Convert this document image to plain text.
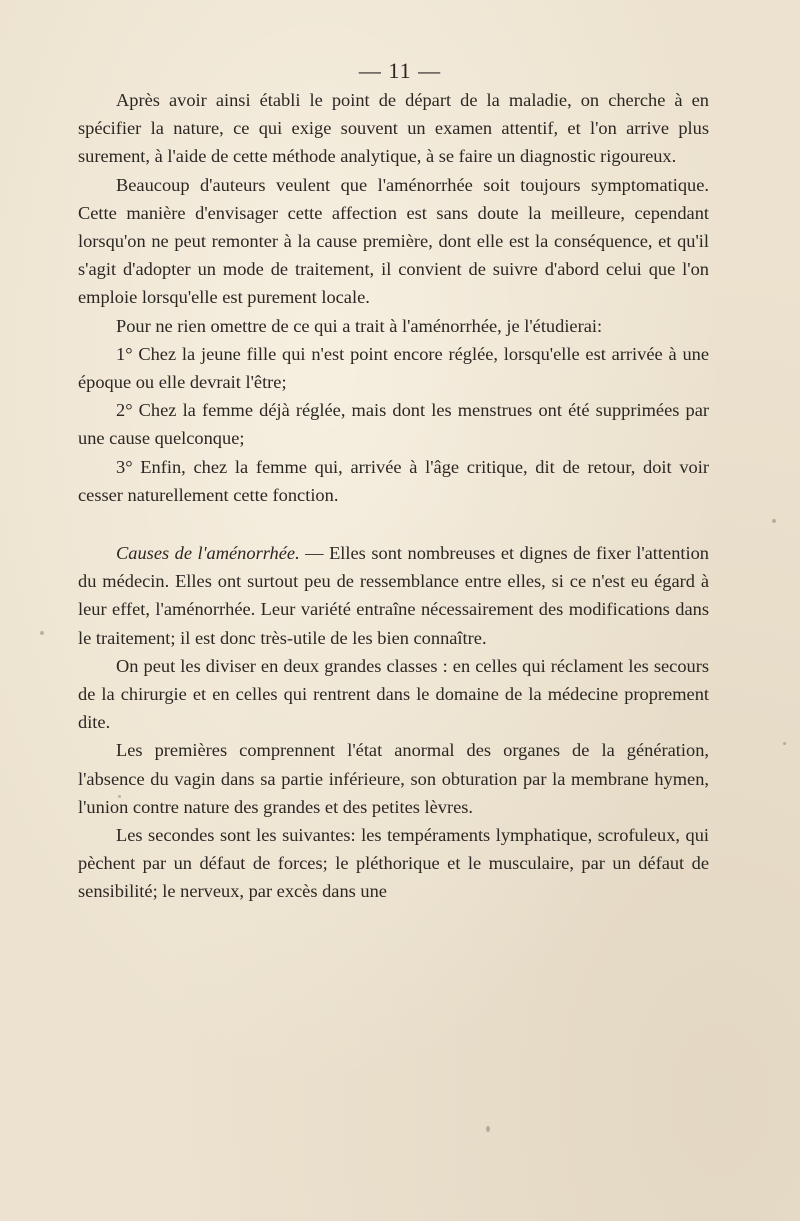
— 11 —

Après avoir ainsi établi le point de départ de la maladie, on cherche à en spécifier la nature, ce qui exige souvent un examen attentif, et l'on arrive plus surement, à l'aide de cette méthode analytique, à se faire un diagnostic rigoureux.

Beaucoup d'auteurs veulent que l'aménorrhée soit toujours symptomatique. Cette manière d'envisager cette affection est sans doute la meilleure, cependant lorsqu'on ne peut remonter à la cause première, dont elle est la conséquence, et qu'il s'agit d'adopter un mode de traitement, il convient de suivre d'abord celui que l'on emploie lorsqu'elle est purement locale.

Pour ne rien omettre de ce qui a trait à l'aménorrhée, je l'étudierai:

1° Chez la jeune fille qui n'est point encore réglée, lorsqu'elle est arrivée à une époque ou elle devrait l'être;

2° Chez la femme déjà réglée, mais dont les menstrues ont été supprimées par une cause quelconque;

3° Enfin, chez la femme qui, arrivée à l'âge critique, dit de retour, doit voir cesser naturellement cette fonction.

Causes de l'aménorrhée. — Elles sont nombreuses et dignes de fixer l'attention du médecin. Elles ont surtout peu de ressemblance entre elles, si ce n'est eu égard à leur effet, l'aménorrhée. Leur variété entraîne nécessairement des modifications dans le traitement; il est donc très-utile de les bien connaître.

On peut les diviser en deux grandes classes : en celles qui réclament les secours de la chirurgie et en celles qui rentrent dans le domaine de la médecine proprement dite.

Les premières comprennent l'état anormal des organes de la génération, l'absence du vagin dans sa partie inférieure, son obturation par la membrane hymen, l'union contre nature des grandes et des petites lèvres.

Les secondes sont les suivantes: les tempéraments lymphatique, scrofuleux, qui pèchent par un défaut de forces; le pléthorique et le musculaire, par un défaut de sensibilité; le nerveux, par excès dans une
